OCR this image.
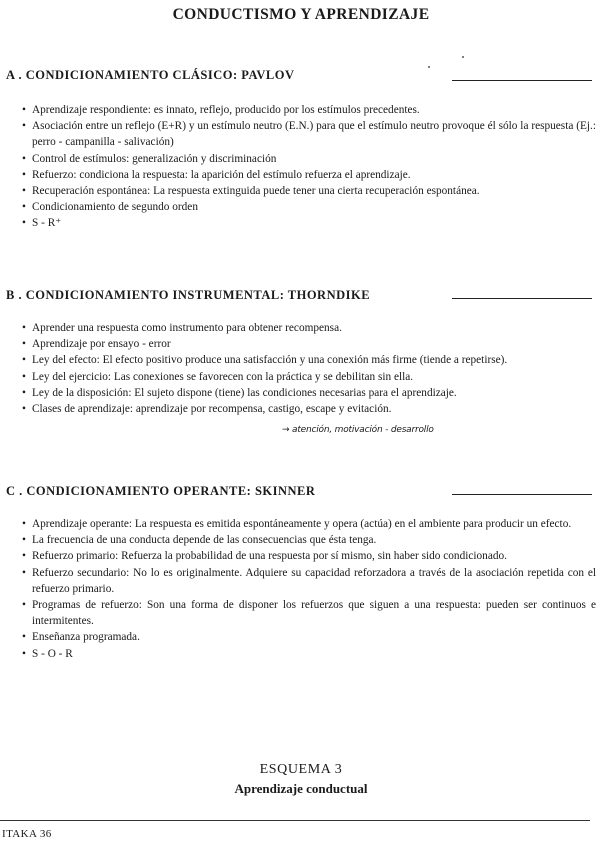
CONDUCTISMO Y APRENDIZAJE
A . CONDICIONAMIENTO CLÁSICO: PAVLOV
• Aprendizaje respondiente: es innato, reflejo, producido por los estímulos precedentes.
• Asociación entre un reflejo (E+R) y un estímulo neutro (E.N.) para que el estímulo neutro provoque él sólo la respuesta (Ej.: perro - campanilla - salivación)
• Control de estímulos: generalización y discriminación
• Refuerzo: condiciona la respuesta: la aparición del estímulo refuerza el aprendizaje.
• Recuperación espontánea: La respuesta extinguida puede tener una cierta recuperación espontánea.
• Condicionamiento de segundo orden
• S - R⁺
B . CONDICIONAMIENTO INSTRUMENTAL: THORNDIKE
• Aprender una respuesta como instrumento para obtener recompensa.
• Aprendizaje por ensayo - error
• Ley del efecto: El efecto positivo produce una satisfacción y una conexión más firme (tiende a repetirse).
• Ley del ejercicio: Las conexiones se favorecen con la práctica y se debilitan sin ella.
• Ley de la disposición: El sujeto dispone (tiene) las condiciones necesarias para el aprendizaje.
• Clases de aprendizaje: aprendizaje por recompensa, castigo, escape y evitación.
→ atención, motivación - desarrollo
C . CONDICIONAMIENTO OPERANTE: SKINNER
• Aprendizaje operante: La respuesta es emitida espontáneamente y opera (actúa) en el ambiente para producir un efecto.
• La frecuencia de una conducta depende de las consecuencias que ésta tenga.
• Refuerzo primario: Refuerza la probabilidad de una respuesta por sí mismo, sin haber sido condicionado.
• Refuerzo secundario: No lo es originalmente. Adquiere su capacidad reforzadora a través de la asociación repetida con el refuerzo primario.
• Programas de refuerzo: Son una forma de disponer los refuerzos que siguen a una respuesta: pueden ser continuos e intermitentes.
• Enseñanza programada.
• S - O - R
ESQUEMA 3
Aprendizaje conductual
ITAKA 36
